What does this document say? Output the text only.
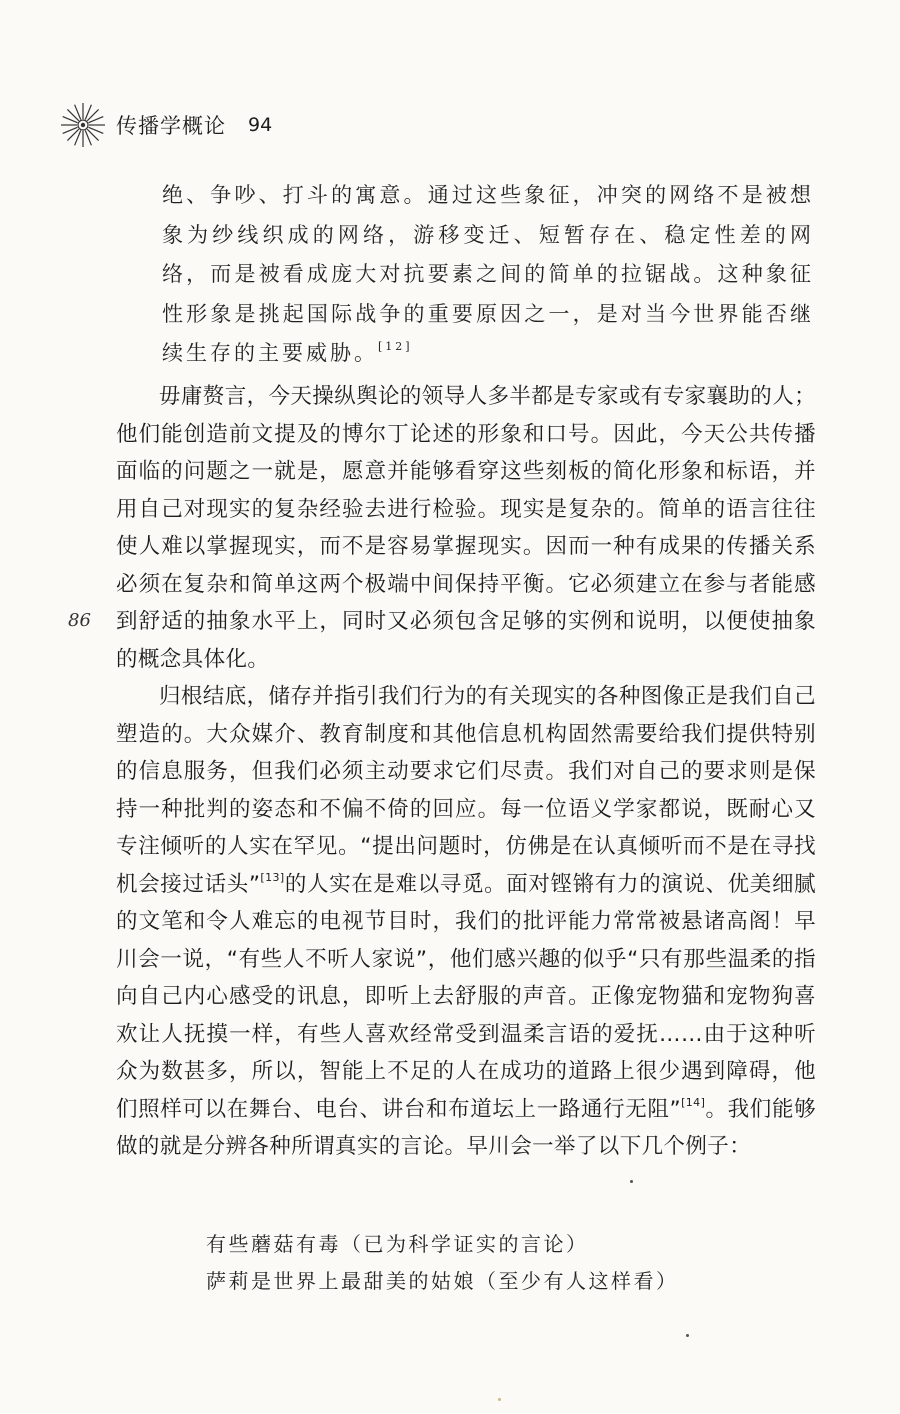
传播学概论 94
绝、争吵、打斗的寓意。通过这些象征，冲突的网络不是被想象为纱线织成的网络，游移变迁、短暂存在、稳定性差的网络，而是被看成庞大对抗要素之间的简单的拉锯战。这种象征性形象是挑起国际战争的重要原因之一，是对当今世界能否继续生存的主要威胁。[12]
86

毋庸赘言，今天操纵舆论的领导人多半都是专家或有专家襄助的人；他们能创造前文提及的博尔丁论述的形象和口号。因此，今天公共传播面临的问题之一就是，愿意并能够看穿这些刻板的简化形象和标语，并用自己对现实的复杂经验去进行检验。现实是复杂的。简单的语言往往使人难以掌握现实，而不是容易掌握现实。因而一种有成果的传播关系必须在复杂和简单这两个极端中间保持平衡。它必须建立在参与者能感到舒适的抽象水平上，同时又必须包含足够的实例和说明，以便使抽象的概念具体化。

归根结底，储存并指引我们行为的有关现实的各种图像正是我们自己塑造的。大众媒介、教育制度和其他信息机构固然需要给我们提供特别的信息服务，但我们必须主动要求它们尽责。我们对自己的要求则是保持一种批判的姿态和不偏不倚的回应。每一位语义学家都说，既耐心又专注倾听的人实在罕见。“提出问题时，仿佛是在认真倾听而不是在寻找机会接过话头”[13]的人实在是难以寻觅。面对铿锵有力的演说、优美细腻的文笔和令人难忘的电视节目时，我们的批评能力常常被悬诸高阁！早川会一说，“有些人不听人家说”，他们感兴趣的似乎“只有那些温柔的指向自己内心感受的讯息，即听上去舒服的声音。正像宠物猫和宠物狗喜欢让人抚摸一样，有些人喜欢经常受到温柔言语的爱抚……由于这种听众为数甚多，所以，智能上不足的人在成功的道路上很少遇到障碍，他们照样可以在舞台、电台、讲台和布道坛上一路通行无阻”[14]。我们能够做的就是分辨各种所谓真实的言论。早川会一举了以下几个例子：

有些蘑菇有毒（已为科学证实的言论）
萨莉是世界上最甜美的姑娘（至少有人这样看）
